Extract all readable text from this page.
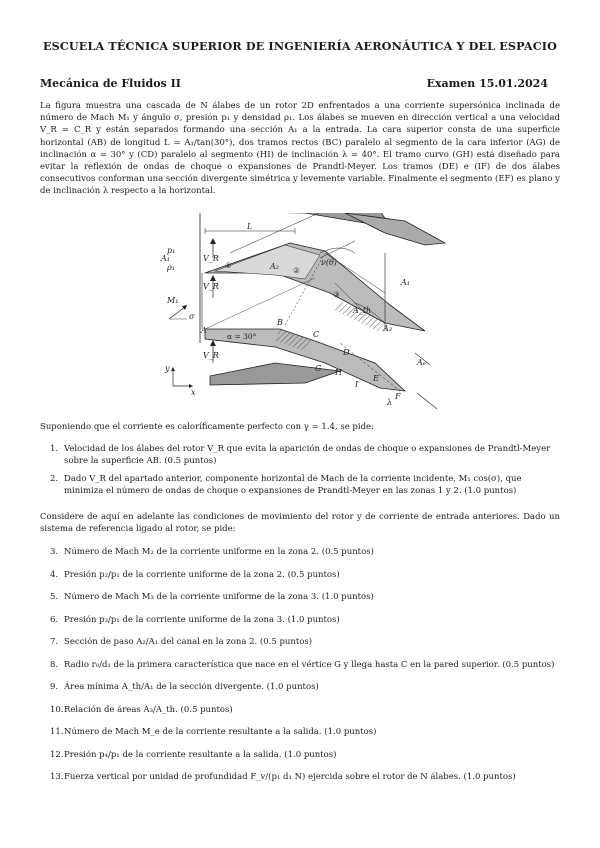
ESCUELA TÉCNICA SUPERIOR DE INGENIERÍA AERONÁUTICA Y DEL ESPACIO
Mecánica de Fluidos II	Examen 15.01.2024

La figura muestra una cascada de N álabes de un rotor 2D enfrentados a una corriente supersónica inclinada de número de Mach M₁ y ángulo σ, presión p₁ y densidad ρ₁. Los álabes se mueven en dirección vertical a una velocidad V_R = C_R y están separados formando una sección A₁ a la entrada. La cara superior consta de una superficie horizontal (AB) de longitud L = A₁/tan(30°), dos tramos rectos (BC) paralelo al segmento de la cara inferior (AG) de inclinación α = 30° y (CD) paralelo al segmento (HI) de inclinación λ = 40°. El tramo curvo (GH) está diseñado para evitar la reflexión de ondas de choque o expansiones de Prandtl-Meyer. Los tramos (DE) e (IF) de dos álabes consecutivos conforman una sección divergente simétrica y levemente variable. Finalmente el segmento (EF) es plano y de inclinación λ respecto a la horizontal.

L
p₁
ρ₁
A₁
M₁
σ
V_R
V_R
V_R
①
②
③
A₂
A₁
A_th
A₃
Aₑ
ν(θ)
A
B
C
D
E
F
G H
I
α = 30°
λ
x
y

Suponiendo que el corriente es caloríficamente perfecto con γ = 1.4, se pide:

1. Velocidad de los álabes del rotor V_R que evita la aparición de ondas de choque o expansiones de Prandtl-Meyer sobre la superficie AB. (0.5 puntos)
2. Dado V_R del apartado anterior, componente horizontal de Mach de la corriente incidente, M₁ cos(σ), que minimiza el número de ondas de choque o expansiones de Prandtl-Meyer en las zonas 1 y 2. (1.0 puntos)

Considere de aquí en adelante las condiciones de movimiento del rotor y de corriente de entrada anteriores. Dado un sistema de referencia ligado al rotor, se pide:

3. Número de Mach M₂ de la corriente uniforme en la zona 2. (0.5 puntos)
4. Presión p₂/p₁ de la corriente uniforme de la zona 2. (0.5 puntos)
5. Número de Mach M₃ de la corriente uniforme de la zona 3. (1.0 puntos)
6. Presión p₃/p₁ de la corriente uniforme de la zona 3. (1.0 puntos)
7. Sección de paso A₂/A₁ del canal en la zona 2. (0.5 puntos)
8. Radio r₀/d₁ de la primera característica que nace en el vértice G y llega hasta C en la pared superior. (0.5 puntos)
9. Área mínima A_th/A₁ de la sección divergente. (1.0 puntos)
10. Relación de áreas A₃/A_th. (0.5 puntos)
11. Número de Mach M_e de la corriente resultante a la salida. (1.0 puntos)
12. Presión p₄/p₁ de la corriente resultante a la salida. (1.0 puntos)
13. Fuerza vertical por unidad de profundidad F_v/(p₁ d₁ N) ejercida sobre el rotor de N álabes. (1.0 puntos)
